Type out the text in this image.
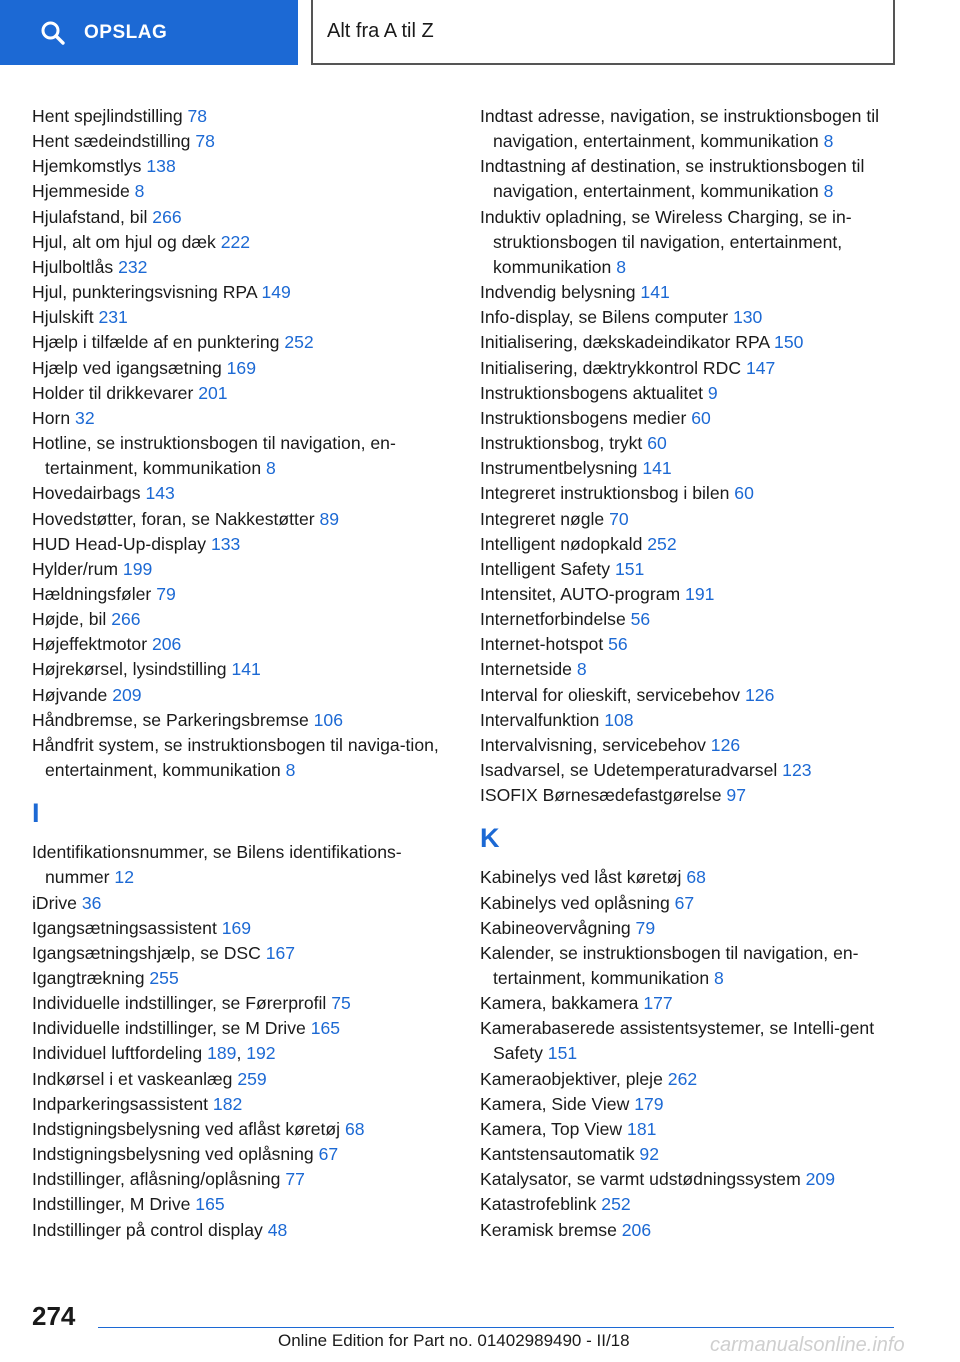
OPSLAG	Alt fra A til Z
Hent spejlindstilling 78
Hent sædeindstilling 78
Hjemkomstlys 138
Hjemmeside 8
Hjulafstand, bil 266
Hjul, alt om hjul og dæk 222
Hjulboltlås 232
Hjul, punkteringsvisning RPA 149
Hjulskift 231
Hjælp i tilfælde af en punktering 252
Hjælp ved igangsætning 169
Holder til drikkevarer 201
Horn 32
Hotline, se instruktionsbogen til navigation, en-tertainment, kommunikation 8
Hovedairbags 143
Hovedstøtter, foran, se Nakkestøtter 89
HUD Head-Up-display 133
Hylder/rum 199
Hældningsføler 79
Højde, bil 266
Højeffektmotor 206
Højrekørsel, lysindstilling 141
Højvande 209
Håndbremse, se Parkeringsbremse 106
Håndfrit system, se instruktionsbogen til naviga-tion, entertainment, kommunikation 8
I
Identifikationsnummer, se Bilens identifikations-nummer 12
iDrive 36
Igangsætningsassistent 169
Igangsætningshjælp, se DSC 167
Igangtrækning 255
Individuelle indstillinger, se Førerprofil 75
Individuelle indstillinger, se M Drive 165
Individuel luftfordeling 189, 192
Indkørsel i et vaskeanlæg 259
Indparkeringsassistent 182
Indstigningsbelysning ved aflåst køretøj 68
Indstigningsbelysning ved oplåsning 67
Indstillinger, aflåsning/oplåsning 77
Indstillinger, M Drive 165
Indstillinger på control display 48
Indtast adresse, navigation, se instruktionsbogen til navigation, entertainment, kommunikation 8
Indtastning af destination, se instruktionsbogen til navigation, entertainment, kommunikation 8
Induktiv opladning, se Wireless Charging, se in-struktionsbogen til navigation, entertainment, kommunikation 8
Indvendig belysning 141
Info-display, se Bilens computer 130
Initialisering, dækskadeindikator RPA 150
Initialisering, dæktrykkontrol RDC 147
Instruktionsbogens aktualitet 9
Instruktionsbogens medier 60
Instruktionsbog, trykt 60
Instrumentbelysning 141
Integreret instruktionsbog i bilen 60
Integreret nøgle 70
Intelligent nødopkald 252
Intelligent Safety 151
Intensitet, AUTO-program 191
Internetforbindelse 56
Internet-hotspot 56
Internetside 8
Interval for olieskift, servicebehov 126
Intervalfunktion 108
Intervalvisning, servicebehov 126
Isadvarsel, se Udetemperaturadvarsel 123
ISOFIX Børnesædefastgørelse 97
K
Kabinelys ved låst køretøj 68
Kabinelys ved oplåsning 67
Kabineovervågning 79
Kalender, se instruktionsbogen til navigation, en-tertainment, kommunikation 8
Kamera, bakkamera 177
Kamerabaserede assistentsystemer, se Intelli-gent Safety 151
Kameraobjektiver, pleje 262
Kamera, Side View 179
Kamera, Top View 181
Kantstensautomatik 92
Katalysator, se varmt udstødningssystem 209
Katastrofeblink 252
Keramisk bremse 206
274
Online Edition for Part no. 01402989490 - II/18	carmanualsonline.info
